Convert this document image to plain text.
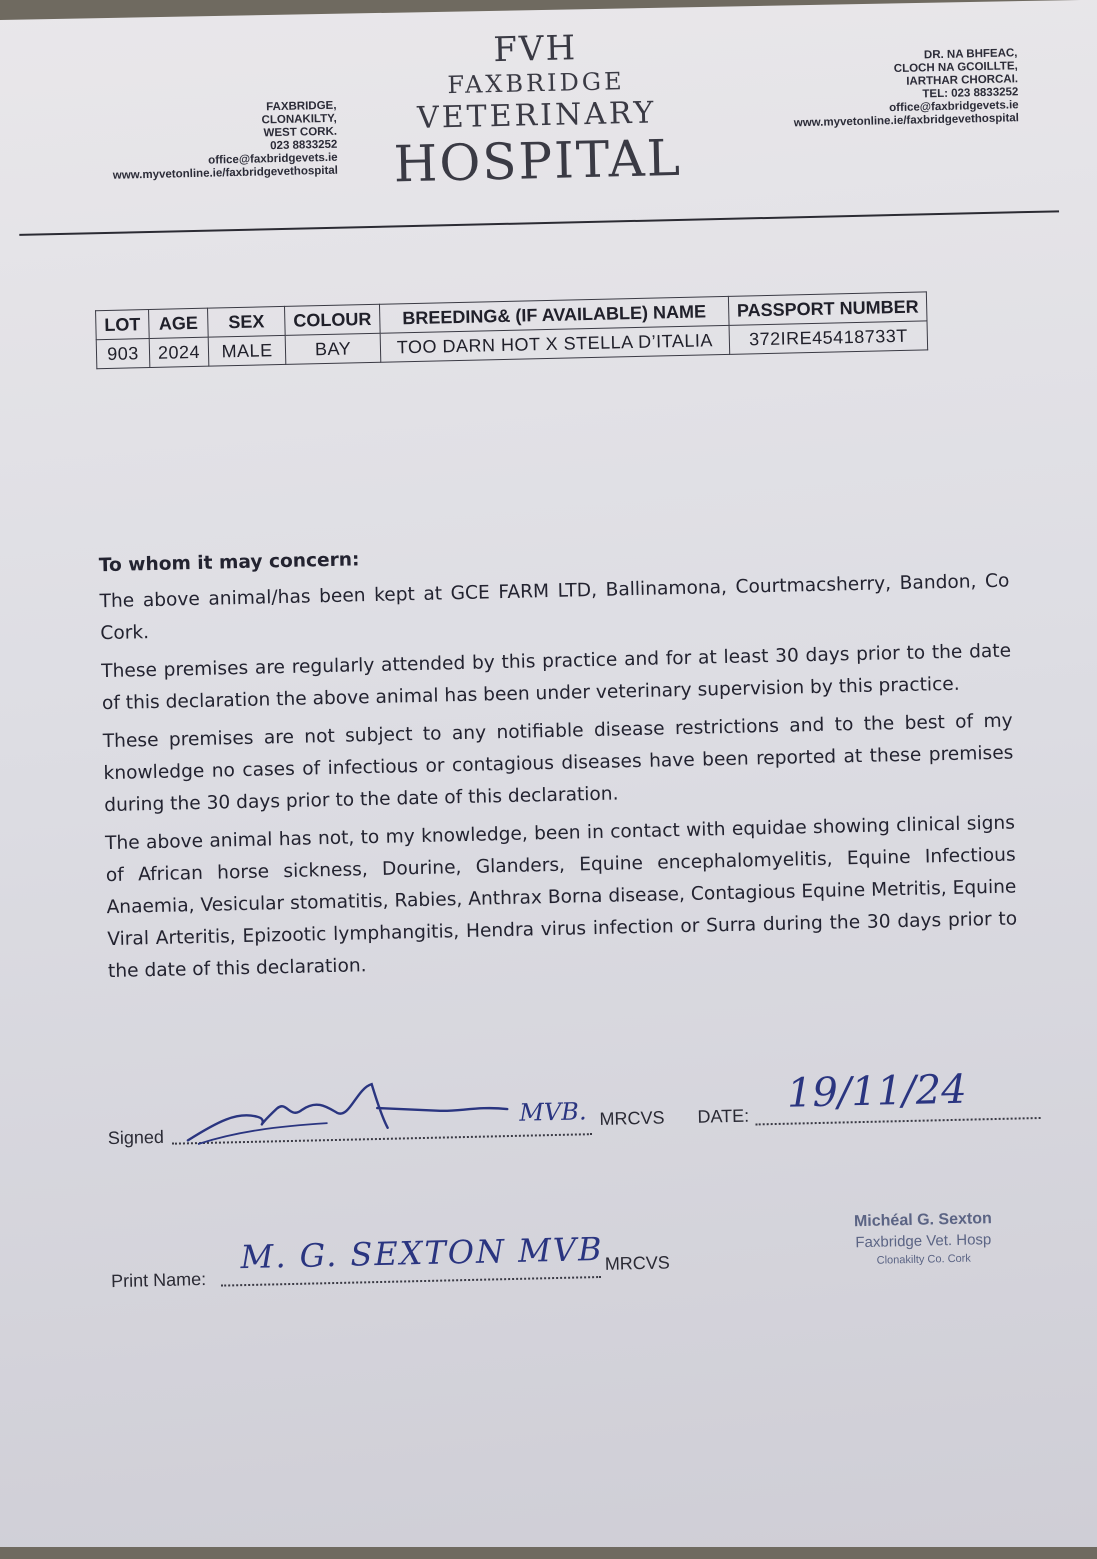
FAXBRIDGE,
CLONAKILTY,
WEST CORK.
023 8833252
office@faxbridgevets.ie
www.myvetonline.ie/faxbridgevethospital
FVH
FAXBRIDGE
VETERINARY
HOSPITAL
DR. NA BHFEAC,
CLOCH NA GCOILLTE,
IARTHAR CHORCAI.
TEL: 023 8833252
office@faxbridgevets.ie
www.myvetonline.ie/faxbridgevethospital
LOT	AGE	SEX	COLOUR	BREEDING& (IF AVAILABLE) NAME	PASSPORT NUMBER
903	2024	MALE	BAY	TOO DARN HOT X STELLA D’ITALIA	372IRE45418733T

To whom it may concern:

The above animal/has been kept at GCE FARM LTD, Ballinamona, Courtmacsherry, Bandon, Co Cork.

These premises are regularly attended by this practice and for at least 30 days prior to the date of this declaration the above animal has been under veterinary supervision by this practice.

These premises are not subject to any notifiable disease restrictions and to the best of my knowledge no cases of infectious or contagious diseases have been reported at these premises during the 30 days prior to the date of this declaration.

The above animal has not, to my knowledge, been in contact with equidae showing clinical signs of African horse sickness, Dourine, Glanders, Equine encephalomyelitis, Equine Infectious Anaemia, Vesicular stomatitis, Rabies, Anthrax Borna disease, Contagious Equine Metritis, Equine Viral Arteritis, Epizootic lymphangitis, Hendra virus infection or Surra during the 30 days prior to the date of this declaration.

Signed
MVB. MRCVS DATE: 19/11/24
Print Name:
M. G. SEXTON MVB MRCVS
Michéal G. Sexton
Faxbridge Vet. Hosp
Clonakilty Co. Cork
